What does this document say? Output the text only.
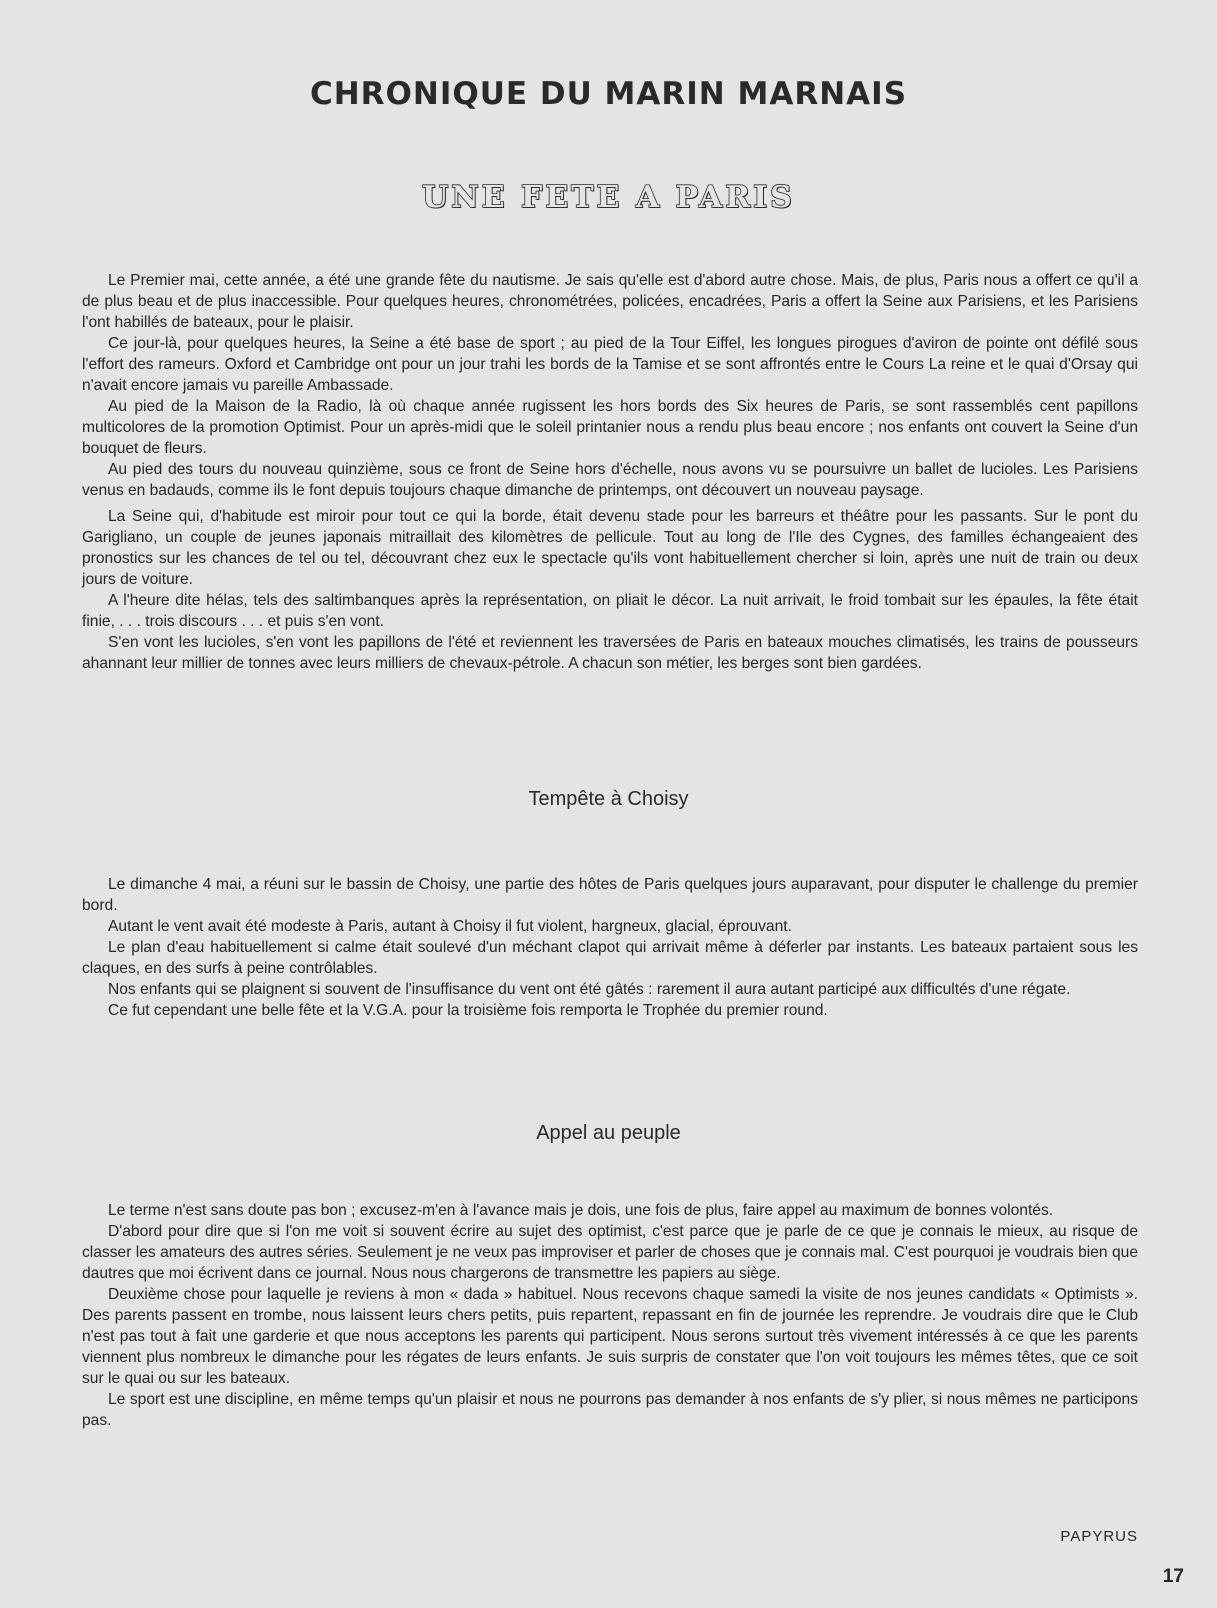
CHRONIQUE DU MARIN MARNAIS
UNE FETE A PARIS

Le Premier mai, cette année, a été une grande fête du nautisme. Je sais qu'elle est d'abord autre chose. Mais, de plus, Paris nous a offert ce qu'il a de plus beau et de plus inaccessible. Pour quelques heures, chronométrées, policées, encadrées, Paris a offert la Seine aux Parisiens, et les Parisiens l'ont habillés de bateaux, pour le plaisir.

Ce jour-là, pour quelques heures, la Seine a été base de sport ; au pied de la Tour Eiffel, les longues pirogues d'aviron de pointe ont défilé sous l'effort des rameurs. Oxford et Cambridge ont pour un jour trahi les bords de la Tamise et se sont affrontés entre le Cours La reine et le quai d'Orsay qui n'avait encore jamais vu pareille Ambassade.

Au pied de la Maison de la Radio, là où chaque année rugissent les hors bords des Six heures de Paris, se sont rassemblés cent papillons multicolores de la promotion Optimist. Pour un après-midi que le soleil printanier nous a rendu plus beau encore ; nos enfants ont couvert la Seine d'un bouquet de fleurs.

Au pied des tours du nouveau quinzième, sous ce front de Seine hors d'échelle, nous avons vu se poursuivre un ballet de lucioles. Les Parisiens venus en badauds, comme ils le font depuis toujours chaque dimanche de printemps, ont découvert un nouveau paysage.

La Seine qui, d'habitude est miroir pour tout ce qui la borde, était devenu stade pour les barreurs et théâtre pour les passants. Sur le pont du Garigliano, un couple de jeunes japonais mitraillait des kilomètres de pellicule. Tout au long de l'Ile des Cygnes, des familles échangeaient des pronostics sur les chances de tel ou tel, découvrant chez eux le spectacle qu'ils vont habituellement chercher si loin, après une nuit de train ou deux jours de voiture.

A l'heure dite hélas, tels des saltimbanques après la représentation, on pliait le décor. La nuit arrivait, le froid tombait sur les épaules, la fête était finie, . . . trois discours . . . et puis s'en vont.

S'en vont les lucioles, s'en vont les papillons de l'été et reviennent les traversées de Paris en bateaux mouches climatisés, les trains de pousseurs ahannant leur millier de tonnes avec leurs milliers de chevaux-pétrole. A chacun son métier, les berges sont bien gardées.

Tempête à Choisy

Le dimanche 4 mai, a réuni sur le bassin de Choisy, une partie des hôtes de Paris quelques jours auparavant, pour disputer le challenge du premier bord.

Autant le vent avait été modeste à Paris, autant à Choisy il fut violent, hargneux, glacial, éprouvant.

Le plan d'eau habituellement si calme était soulevé d'un méchant clapot qui arrivait même à déferler par instants. Les bateaux partaient sous les claques, en des surfs à peine contrôlables.

Nos enfants qui se plaignent si souvent de l'insuffisance du vent ont été gâtés : rarement il aura autant participé aux difficultés d'une régate.

Ce fut cependant une belle fête et la V.G.A. pour la troisième fois remporta le Trophée du premier round.

Appel au peuple

Le terme n'est sans doute pas bon ; excusez-m'en à l'avance mais je dois, une fois de plus, faire appel au maximum de bonnes volontés.

D'abord pour dire que si l'on me voit si souvent écrire au sujet des optimist, c'est parce que je parle de ce que je connais le mieux, au risque de classer les amateurs des autres séries. Seulement je ne veux pas improviser et parler de choses que je connais mal. C'est pourquoi je voudrais bien que dautres que moi écrivent dans ce journal. Nous nous chargerons de transmettre les papiers au siège.

Deuxième chose pour laquelle je reviens à mon « dada » habituel. Nous recevons chaque samedi la visite de nos jeunes candidats « Optimists ». Des parents passent en trombe, nous laissent leurs chers petits, puis repartent, repassant en fin de journée les reprendre. Je voudrais dire que le Club n'est pas tout à fait une garderie et que nous acceptons les parents qui participent. Nous serons surtout très vivement intéressés à ce que les parents viennent plus nombreux le dimanche pour les régates de leurs enfants. Je suis surpris de constater que l'on voit toujours les mêmes têtes, que ce soit sur le quai ou sur les bateaux.

Le sport est une discipline, en même temps qu'un plaisir et nous ne pourrons pas demander à nos enfants de s'y plier, si nous mêmes ne participons pas.

PAPYRUS
17
